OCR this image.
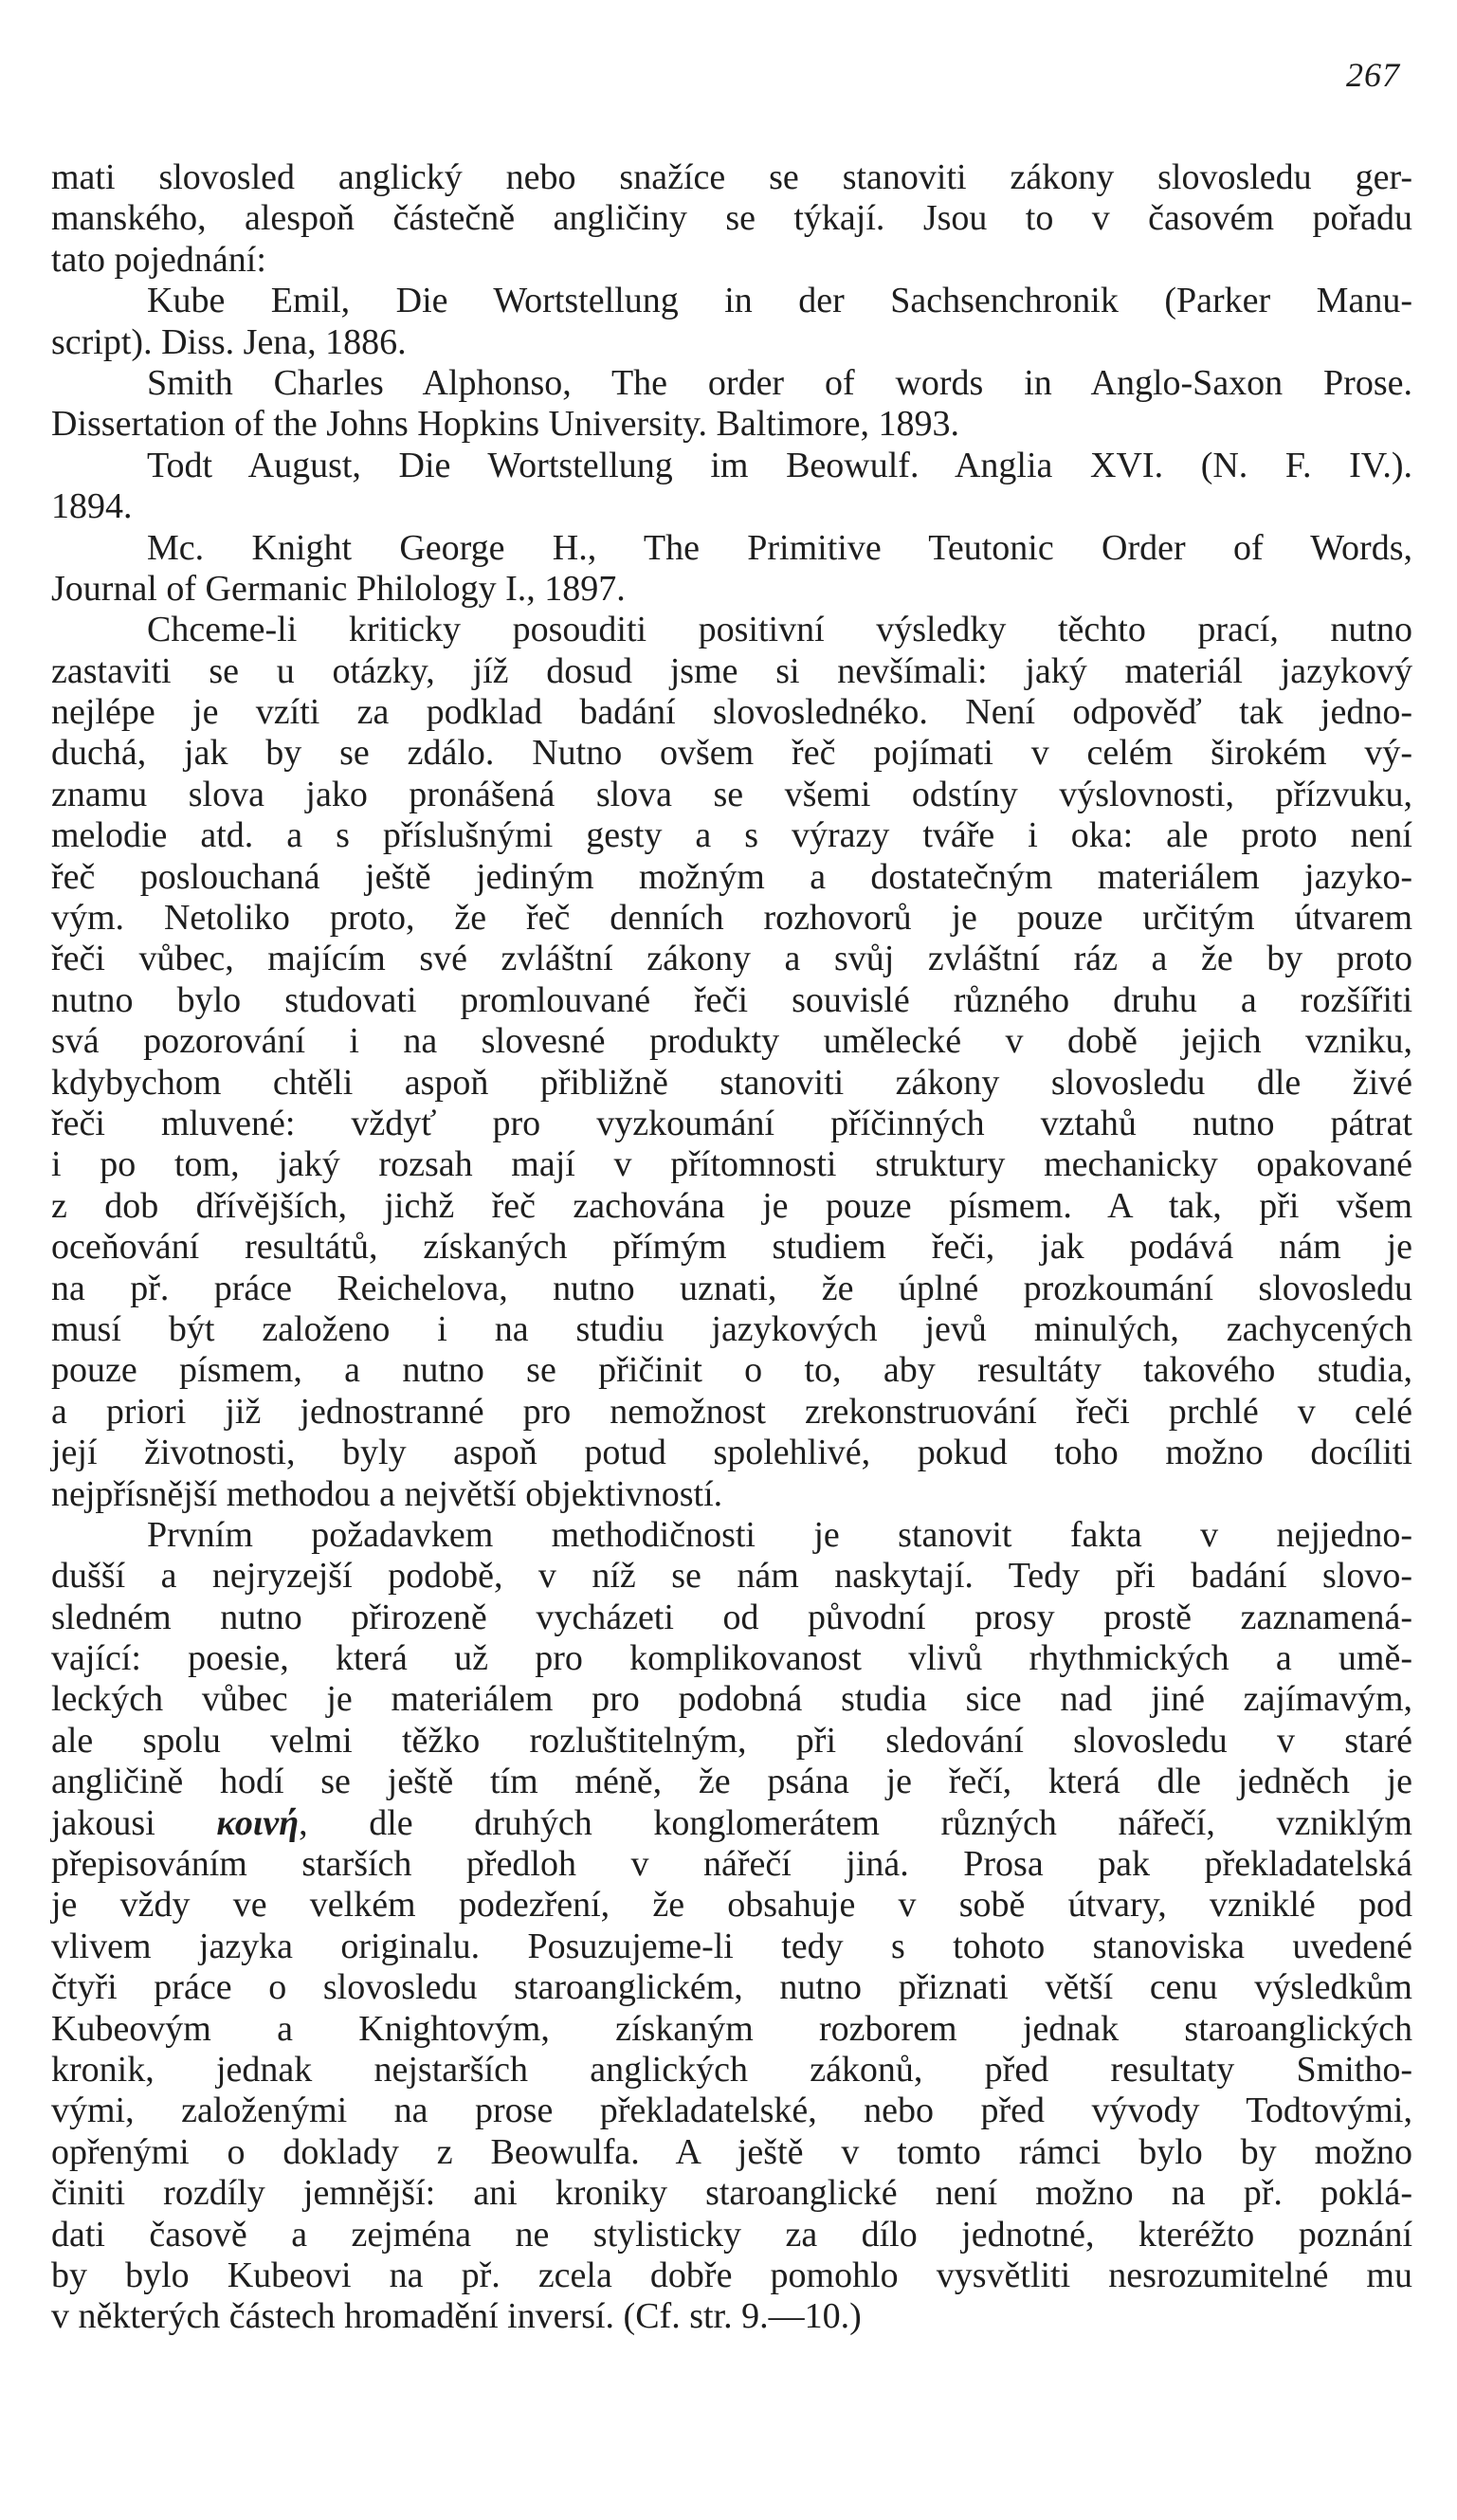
267
mati slovosled anglický nebo snažíce se stanoviti zákony slovosledu ger-
manského, alespoň částečně angličiny se týkají. Jsou to v časovém pořadu
tato pojednání:
Kube Emil, Die Wortstellung in der Sachsenchronik (Parker Manu-
script). Diss. Jena, 1886.
Smith Charles Alphonso, The order of words in Anglo-Saxon Prose.
Dissertation of the Johns Hopkins University. Baltimore, 1893.
Todt August, Die Wortstellung im Beowulf. Anglia XVI. (N. F. IV.).
1894.
Mc. Knight George H., The Primitive Teutonic Order of Words,
Journal of Germanic Philology I., 1897.
Chceme-li kriticky posouditi positivní výsledky těchto prací, nutno
zastaviti se u otázky, jíž dosud jsme si nevšímali: jaký materiál jazykový
nejlépe je vzíti za podklad badání slovoslednéko. Není odpověď tak jedno-
duchá, jak by se zdálo. Nutno ovšem řeč pojímati v celém širokém vý-
znamu slova jako pronášená slova se všemi odstíny výslovnosti, přízvuku,
melodie atd. a s příslušnými gesty a s výrazy tváře i oka: ale proto není
řeč poslouchaná ještě jediným možným a dostatečným materiálem jazyko-
vým. Netoliko proto, že řeč denních rozhovorů je pouze určitým útvarem
řeči vůbec, majícím své zvláštní zákony a svůj zvláštní ráz a že by proto
nutno bylo studovati promlouvané řeči souvislé různého druhu a rozšířiti
svá pozorování i na slovesné produkty umělecké v době jejich vzniku,
kdybychom chtěli aspoň přibližně stanoviti zákony slovosledu dle živé
řeči mluvené: vždyť pro vyzkoumání příčinných vztahů nutno pátrat
i po tom, jaký rozsah mají v přítomnosti struktury mechanicky opakované
z dob dřívějších, jichž řeč zachována je pouze písmem. A tak, při všem
oceňování resultátů, získaných přímým studiem řeči, jak podává nám je
na př. práce Reichelova, nutno uznati, že úplné prozkoumání slovosledu
musí být založeno i na studiu jazykových jevů minulých, zachycených
pouze písmem, a nutno se přičinit o to, aby resultáty takového studia,
a priori již jednostranné pro nemožnost zrekonstruování řeči prchlé v celé
její životnosti, byly aspoň potud spolehlivé, pokud toho možno docíliti
nejpřísnější methodou a největší objektivností.
Prvním požadavkem methodičnosti je stanovit fakta v nejjedno-
dušší a nejryzejší podobě, v níž se nám naskytají. Tedy při badání slovo-
sledném nutno přirozeně vycházeti od původní prosy prostě zaznamená-
vající: poesie, která už pro komplikovanost vlivů rhythmických a umě-
leckých vůbec je materiálem pro podobná studia sice nad jiné zajímavým,
ale spolu velmi těžko rozluštitelným, při sledování slovosledu v staré
angličině hodí se ještě tím méně, že psána je řečí, která dle jedněch je
jakousi κοινή, dle druhých konglomerátem různých nářečí, vzniklým
přepisováním starších předloh v nářečí jiná. Prosa pak překladatelská
je vždy ve velkém podezření, že obsahuje v sobě útvary, vzniklé pod
vlivem jazyka originalu. Posuzujeme-li tedy s tohoto stanoviska uvedené
čtyři práce o slovosledu staroanglickém, nutno přiznati větší cenu výsledkům
Kubeovým a Knightovým, získaným rozborem jednak staroanglických
kronik, jednak nejstarších anglických zákonů, před resultaty Smitho-
vými, založenými na prose překladatelské, nebo před vývody Todtovými,
opřenými o doklady z Beowulfa. A ještě v tomto rámci bylo by možno
činiti rozdíly jemnější: ani kroniky staroanglické není možno na př. poklá-
dati časově a zejména ne stylisticky za dílo jednotné, kteréžto poznání
by bylo Kubeovi na př. zcela dobře pomohlo vysvětliti nesrozumitelné mu
v některých částech hromadění inversí. (Cf. str. 9.—10.)
